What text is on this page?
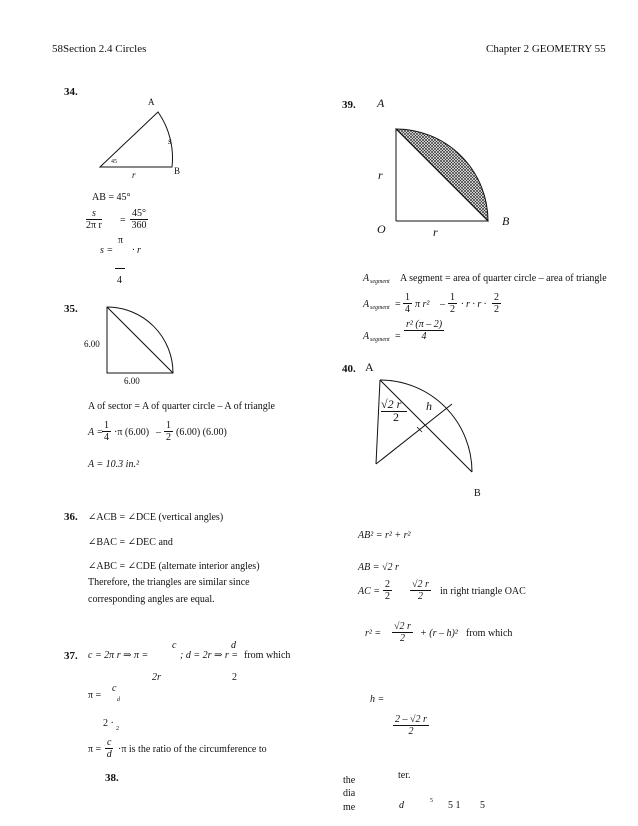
58Section 2.4 Circles	Chapter 2 GEOMETRY 55
34.
A
s
45
B
r
AB = 45°
$\frac{s}{\text{2π r}} = \frac{45^\circ}{360}$
s =
π
· r
4
35.
6.00
6.00
A of sector = A of quarter circle – A of triangle
A =
$\frac{1}{4} \cdot\pi$ $(6.00) - \frac{1}{2} (6.00)$ (6.00)
A = 10.3 in.²
36. ∠ACB = ∠DCE (vertical angles)
∠BAC = ∠DEC and
∠ABC = ∠CDE (alternate interior angles)
Therefore, the triangles are similar since
corresponding angles are equal.
37. c = 2π r ⇒ π =
c
; d = 2r ⇒ r =
d
from which
2r	2
π =
c
d
2 · 2
$\pi = \frac{c}{d} \cdot\pi$ is the ratio of the circumference to
38.
39. A
r
O	r
B
A segment A segment = area of quarter circle – area of triangle
A segment = $\frac{1}{4}$ π $r^2 - \frac{1}{2} \cdot r \cdot r \cdot \frac{2}{2}$
A segment = $\frac{\text{r² (π – 2)}}{4}$
40. A
√2 r
2
h
B
AB² = r² + r²
AB = √2 r
AC = $\frac{2}{2} \frac{√2 r}{2}$ in right triangle OAC
$r^2 = \frac{√2 r}{2} + (r - h)^2$ from which
h =
$\frac{2 - √2 r}{2}$
ter.
the
dia
me	d	5 5 1 5
